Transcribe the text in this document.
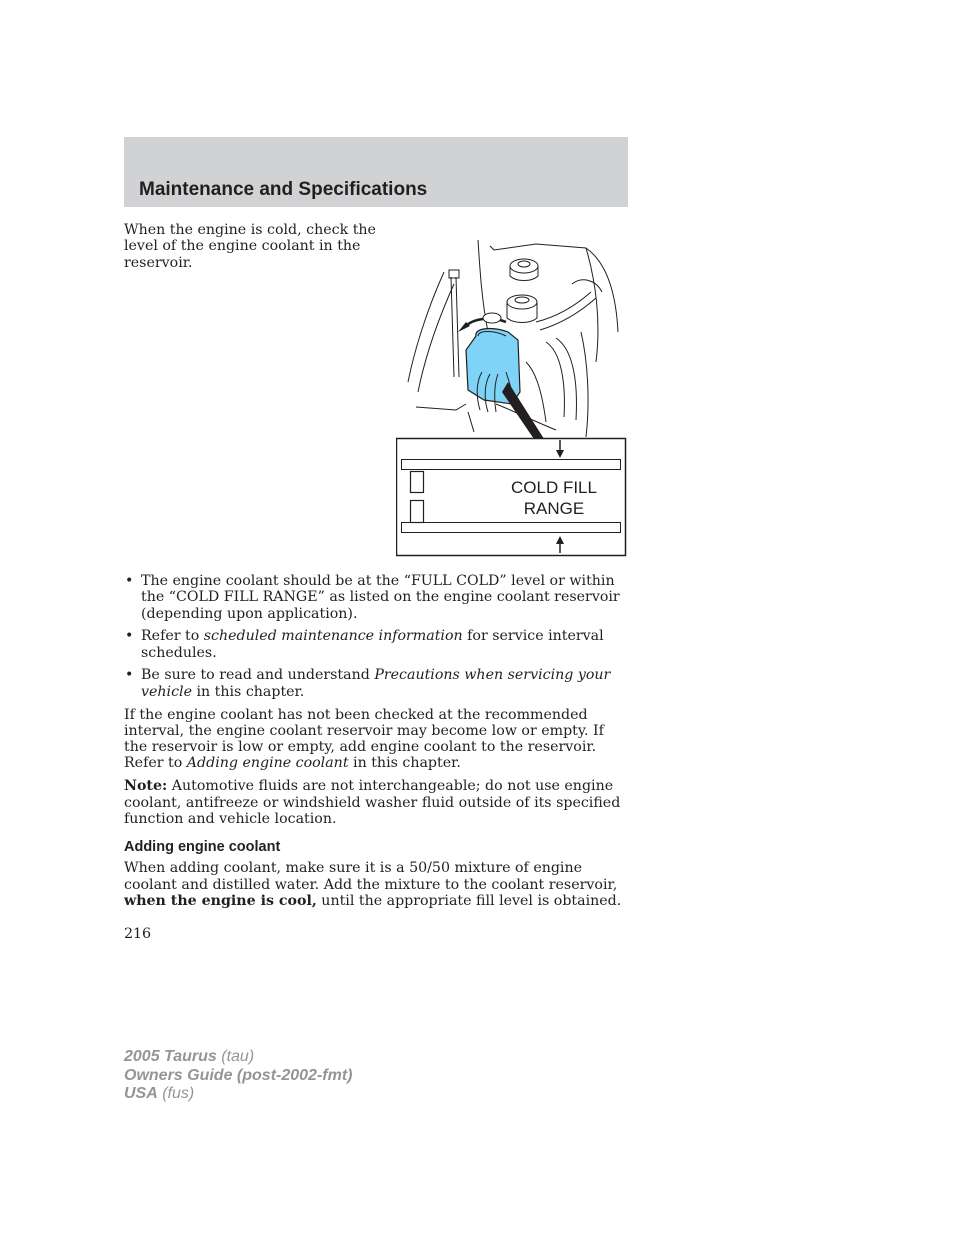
Maintenance and Specifications

When the engine is cold, check the level of the engine coolant in the reservoir.

COLD FILL
RANGE
• The engine coolant should be at the “FULL COLD” level or within the “COLD FILL RANGE” as listed on the engine coolant reservoir (depending upon application).
• Refer to scheduled maintenance information for service interval schedules.
• Be sure to read and understand Precautions when servicing your vehicle in this chapter.

If the engine coolant has not been checked at the recommended interval, the engine coolant reservoir may become low or empty. If the reservoir is low or empty, add engine coolant to the reservoir. Refer to Adding engine coolant in this chapter.

Note: Automotive fluids are not interchangeable; do not use engine coolant, antifreeze or windshield washer fluid outside of its specified function and vehicle location.

Adding engine coolant

When adding coolant, make sure it is a 50/50 mixture of engine coolant and distilled water. Add the mixture to the coolant reservoir, when the engine is cool, until the appropriate fill level is obtained.

216

2005 Taurus (tau)
Owners Guide (post-2002-fmt)
USA (fus)
